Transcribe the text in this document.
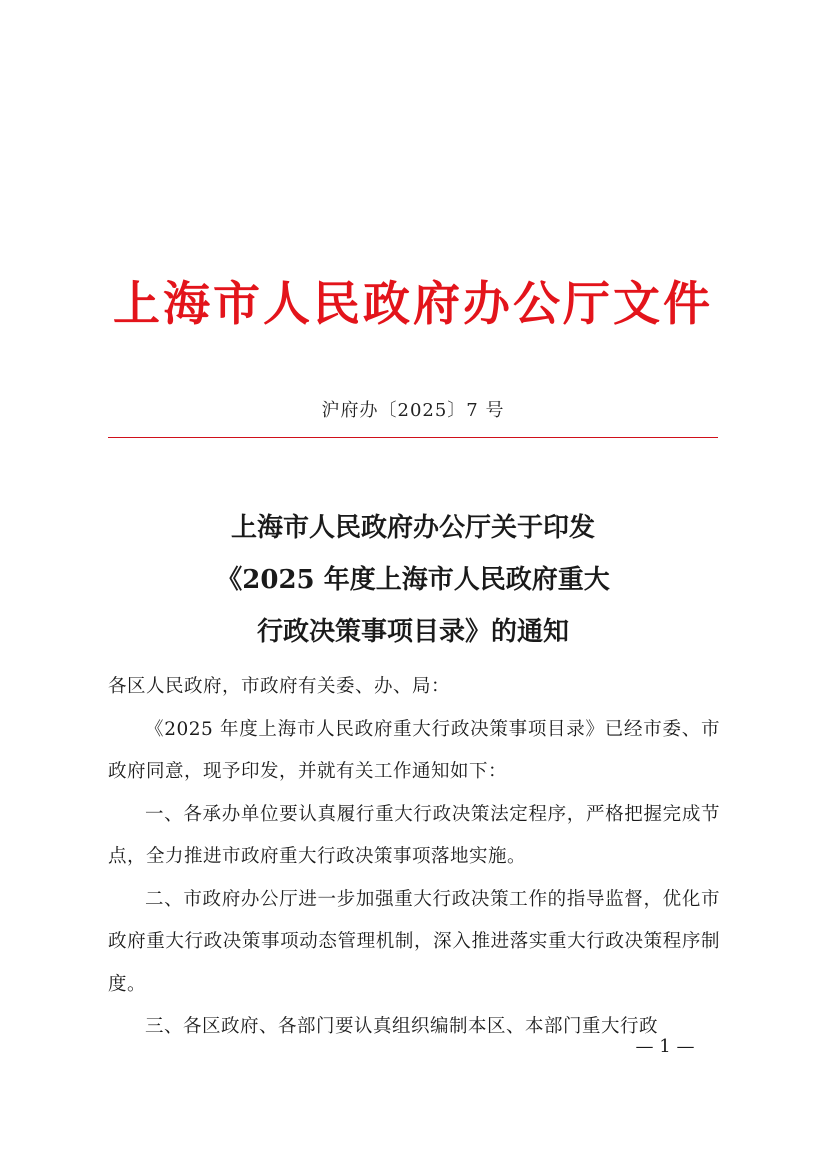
上海市人民政府办公厅文件
沪府办〔2025〕7 号
上海市人民政府办公厅关于印发
《2025 年度上海市人民政府重大
行政决策事项目录》的通知

各区人民政府，市政府有关委、办、局：

《2025 年度上海市人民政府重大行政决策事项目录》已经市委、市政府同意，现予印发，并就有关工作通知如下：

一、各承办单位要认真履行重大行政决策法定程序，严格把握完成节点，全力推进市政府重大行政决策事项落地实施。

二、市政府办公厅进一步加强重大行政决策工作的指导监督，优化市政府重大行政决策事项动态管理机制，深入推进落实重大行政决策程序制度。

三、各区政府、各部门要认真组织编制本区、本部门重大行政

— 1 —
